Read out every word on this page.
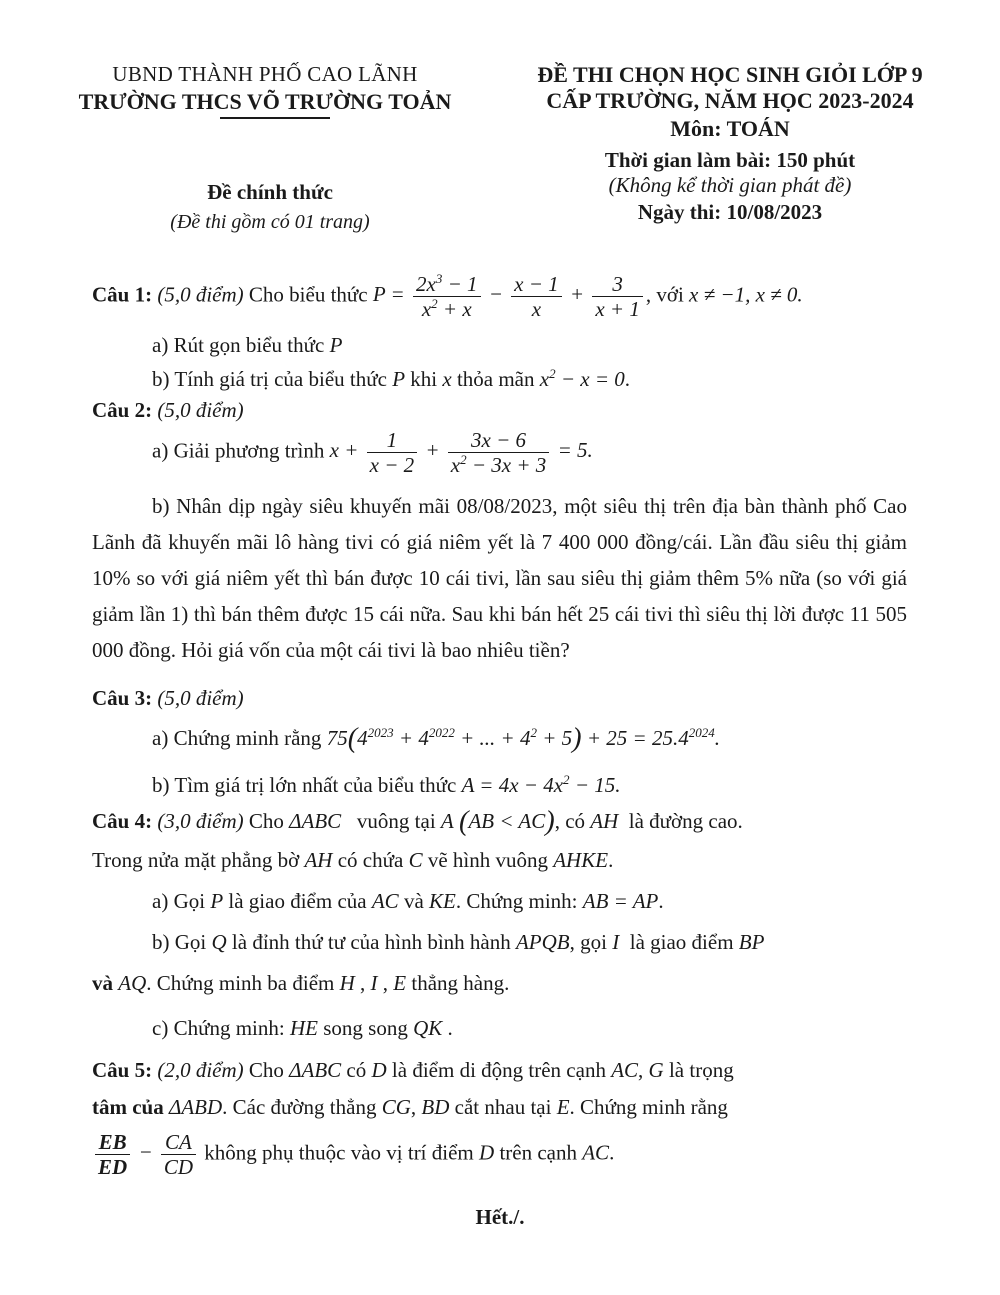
UBND THÀNH PHỐ CAO LÃNH
TRƯỜNG THCS VÕ TRƯỜNG TOẢN
ĐỀ THI CHỌN HỌC SINH GIỎI LỚP 9
CẤP TRƯỜNG, NĂM HỌC 2023-2024
Môn: TOÁN
Thời gian làm bài: 150 phút
(Không kể thời gian phát đề)
Ngày thi: 10/08/2023
Đề chính thức
(Đề thi gồm có 01 trang)
Câu 1: (5,0 điểm) Cho biểu thức $P = \frac{2x^3 - 1}{x^2 + x} - \frac{x - 1}{x} + \frac{3}{x + 1}$ , với x ≠ −1, x ≠ 0.
a) Rút gọn biểu thức P
b) Tính giá trị của biểu thức P khi x thỏa mãn $x^2 - x = 0$.
Câu 2: (5,0 điểm)
a) Giải phương trình $x + \frac{1}{x - 2} + \frac{3x - 6}{x^2 - 3x + 3} = 5$.
b) Nhân dịp ngày siêu khuyến mãi 08/08/2023, một siêu thị trên địa bàn thành phố Cao Lãnh đã khuyến mãi lô hàng tivi có giá niêm yết là 7 400 000 đồng/cái. Lần đầu siêu thị giảm 10% so với giá niêm yết thì bán được 10 cái tivi, lần sau siêu thị giảm thêm 5% nữa (so với giá giảm lần 1) thì bán thêm được 15 cái nữa. Sau khi bán hết 25 cái tivi thì siêu thị lời được 11 505 000 đồng. Hỏi giá vốn của một cái tivi là bao nhiêu tiền?
Câu 3: (5,0 điểm)
a) Chứng minh rằng $75(4^{2023} + 4^{2022}$ + ... + $4^2 + 5) + 25 = 25.4^{2024}$.
b) Tìm giá trị lớn nhất của biểu thức $A = 4x - 4x^2 - 15$.
Câu 4: (3,0 điểm) Cho ΔABC vuông tại A (AB < AC), có AH là đường cao.
Trong nửa mặt phẳng bờ AH có chứa C vẽ hình vuông AHKE.
a) Gọi P là giao điểm của AC và KE. Chứng minh: AB = AP.
b) Gọi Q là đỉnh thứ tư của hình bình hành APQB, gọi I là giao điểm BP
và AQ. Chứng minh ba điểm H , I , E thẳng hàng.
c) Chứng minh: HE song song QK .
Câu 5: (2,0 điểm) Cho ΔABC có D là điểm di động trên cạnh AC, G là trọng
tâm của ΔABD. Các đường thẳng CG, BD cắt nhau tại E. Chứng minh rằng
$\frac{EB}{ED} - \frac{CA}{CD}$ không phụ thuộc vào vị trí điểm D trên cạnh AC.
Hết./.
